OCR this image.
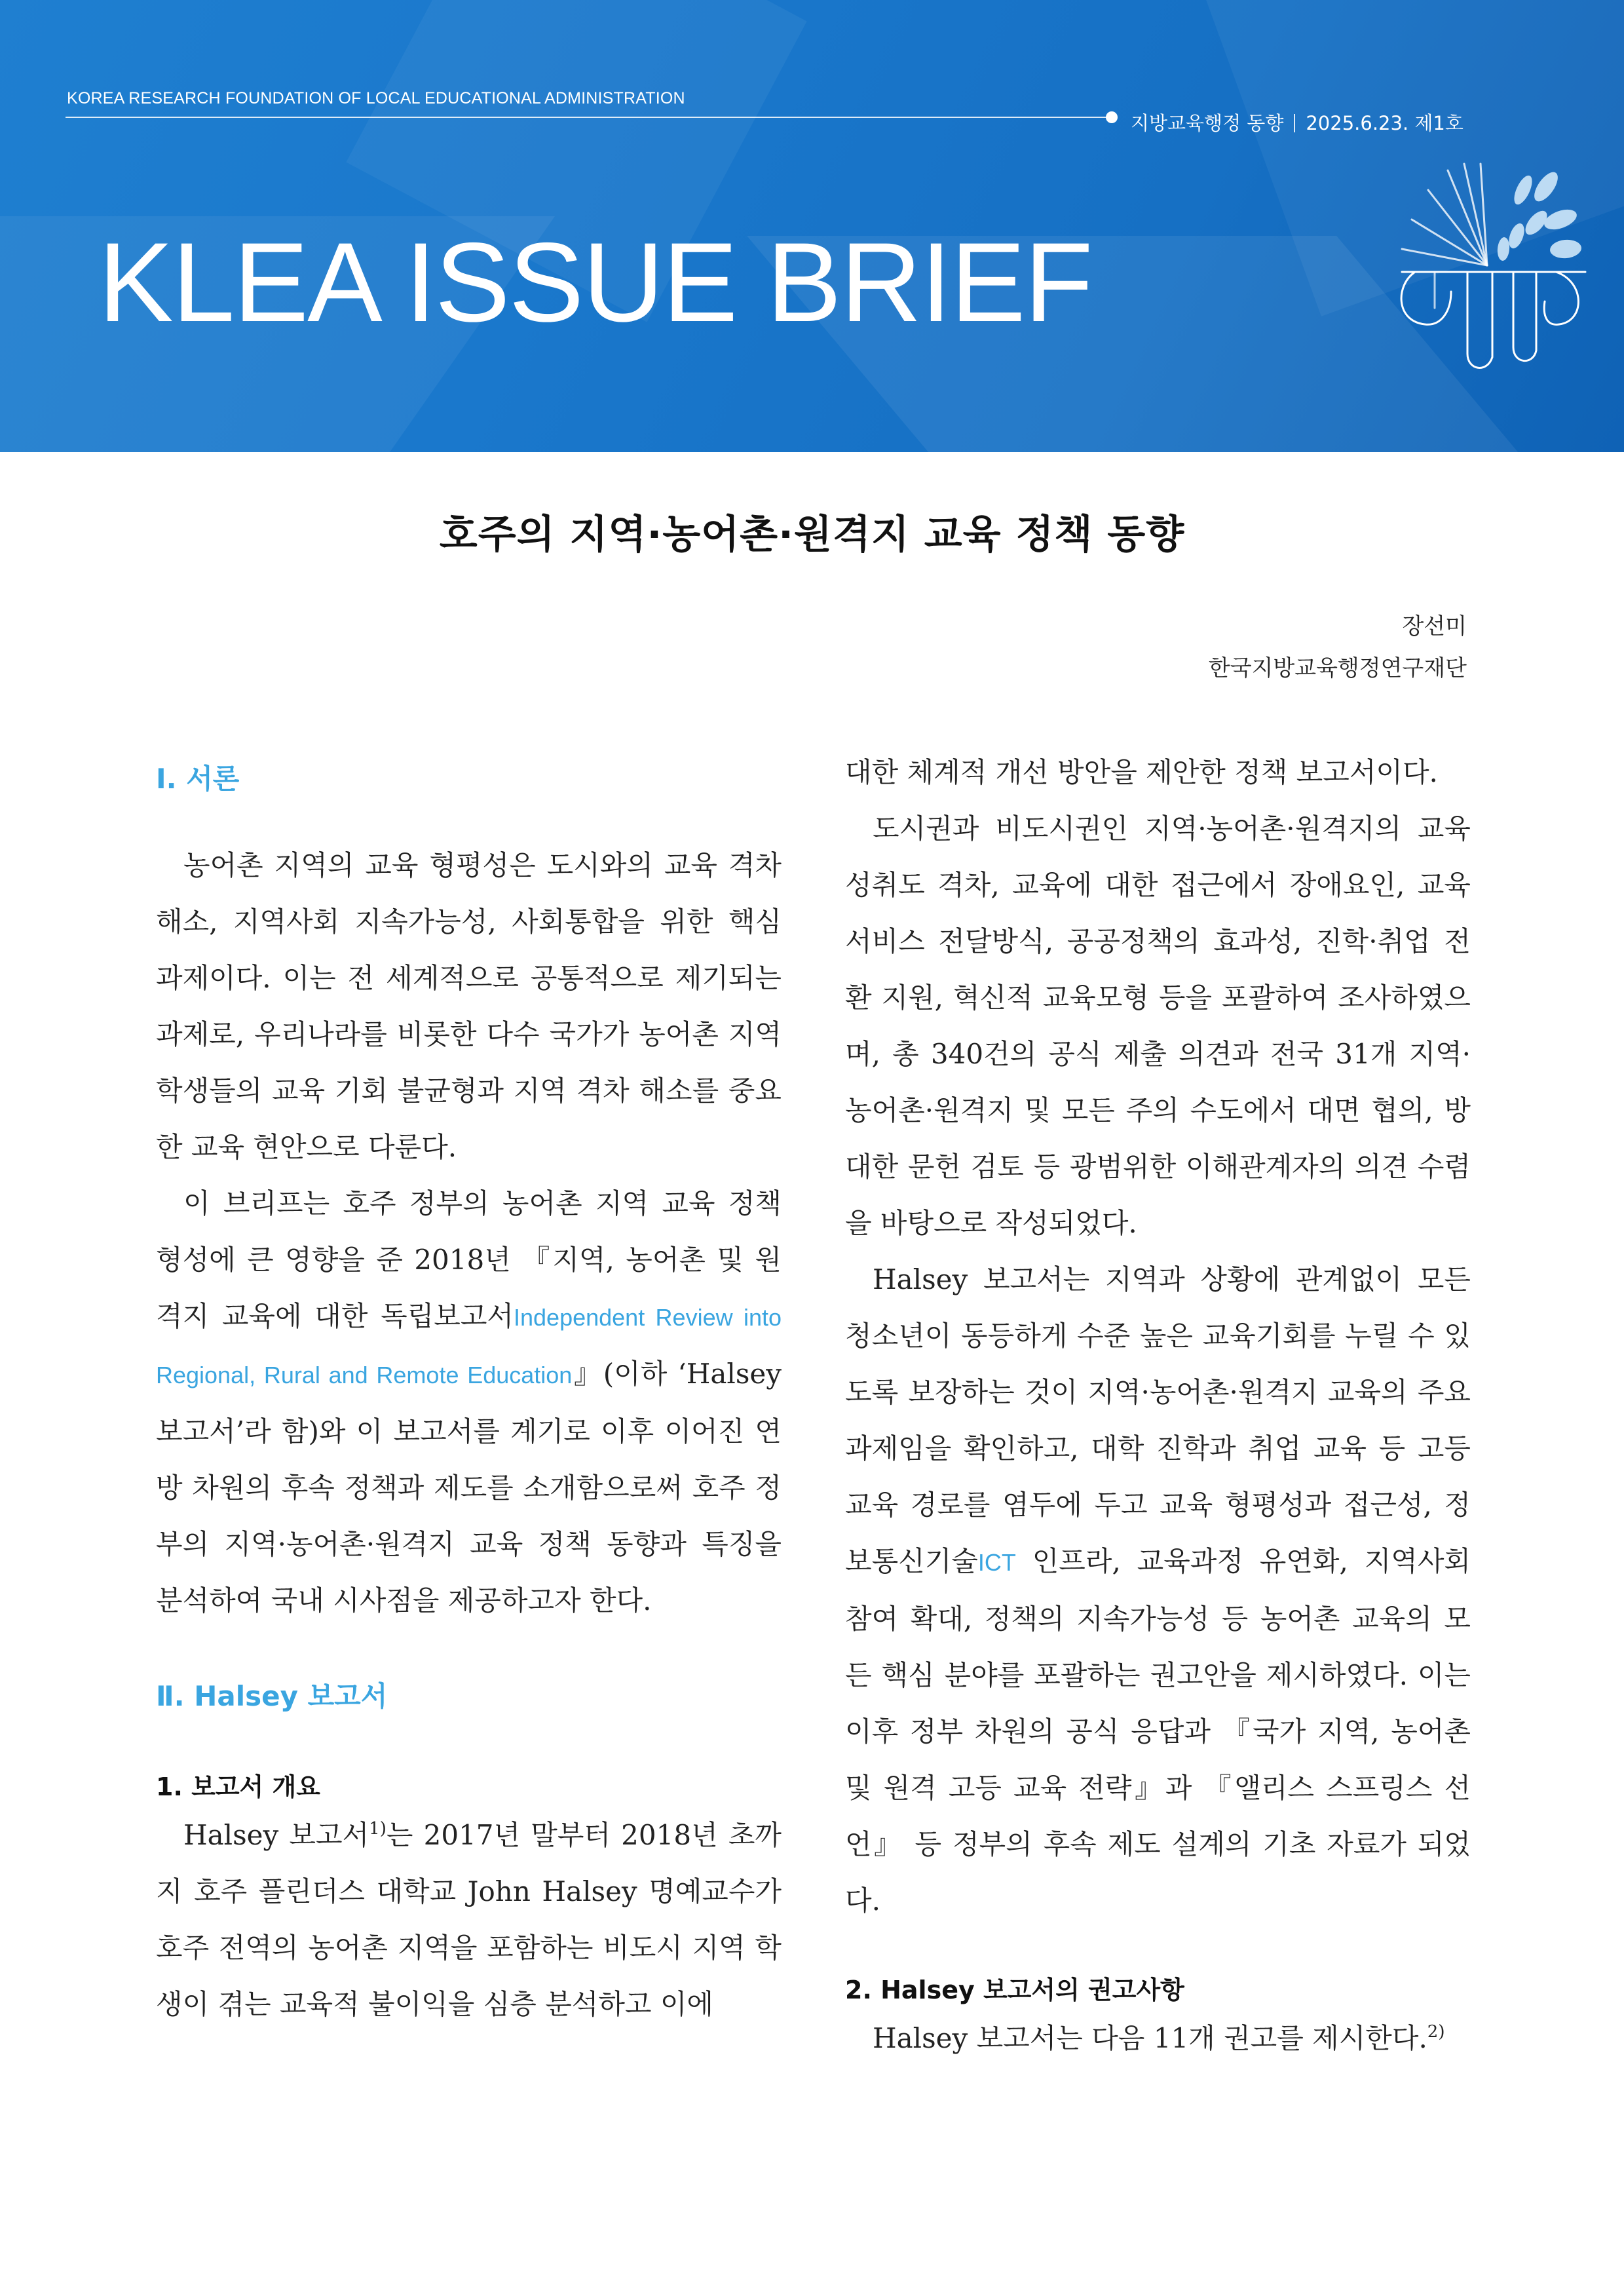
KOREA RESEARCH FOUNDATION OF LOCAL EDUCATIONAL ADMINISTRATION
지방교육행정 동향 2025.6.23. 제1호
KLEA ISSUE BRIEF
호주의 지역·농어촌·원격지 교육 정책 동향
장선미
한국지방교육행정연구재단
Ⅰ. 서론

농어촌 지역의 교육 형평성은 도시와의 교육 격차 해소, 지역사회 지속가능성, 사회통합을 위한 핵심 과제이다. 이는 전 세계적으로 공통적으로 제기되는 과제로, 우리나라를 비롯한 다수 국가가 농어촌 지역 학생들의 교육 기회 불균형과 지역 격차 해소를 중요한 교육 현안으로 다룬다.

이 브리프는 호주 정부의 농어촌 지역 교육 정책 형성에 큰 영향을 준 2018년 『지역, 농어촌 및 원격지 교육에 대한 독립보고서Independent Review into Regional, Rural and Remote Education』(이하 ‘Halsey 보고서’라 함)와 이 보고서를 계기로 이후 이어진 연방 차원의 후속 정책과 제도를 소개함으로써 호주 정부의 지역·농어촌·원격지 교육 정책 동향과 특징을 분석하여 국내 시사점을 제공하고자 한다.

Ⅱ. Halsey 보고서
1. 보고서 개요

Halsey 보고서$^{1)}$는 2017년 말부터 2018년 초까지 호주 플린더스 대학교 John Halsey 명예교수가 호주 전역의 농어촌 지역을 포함하는 비도시 지역 학생이 겪는 교육적 불이익을 심층 분석하고 이에

대한 체계적 개선 방안을 제안한 정책 보고서이다.

도시권과 비도시권인 지역·농어촌·원격지의 교육 성취도 격차, 교육에 대한 접근에서 장애요인, 교육 서비스 전달방식, 공공정책의 효과성, 진학·취업 전환 지원, 혁신적 교육모형 등을 포괄하여 조사하였으며, 총 340건의 공식 제출 의견과 전국 31개 지역·농어촌·원격지 및 모든 주의 수도에서 대면 협의, 방대한 문헌 검토 등 광범위한 이해관계자의 의견 수렴을 바탕으로 작성되었다.

Halsey 보고서는 지역과 상황에 관계없이 모든 청소년이 동등하게 수준 높은 교육기회를 누릴 수 있도록 보장하는 것이 지역·농어촌·원격지 교육의 주요 과제임을 확인하고, 대학 진학과 취업 교육 등 고등교육 경로를 염두에 두고 교육 형평성과 접근성, 정보통신기술ICT 인프라, 교육과정 유연화, 지역사회 참여 확대, 정책의 지속가능성 등 농어촌 교육의 모든 핵심 분야를 포괄하는 권고안을 제시하였다. 이는 이후 정부 차원의 공식 응답과 『국가 지역, 농어촌 및 원격 고등 교육 전략』과 『앨리스 스프링스 선언』 등 정부의 후속 제도 설계의 기초 자료가 되었다.

2. Halsey 보고서의 권고사항

Halsey 보고서는 다음 11개 권고를 제시한다.$^{2)}$
